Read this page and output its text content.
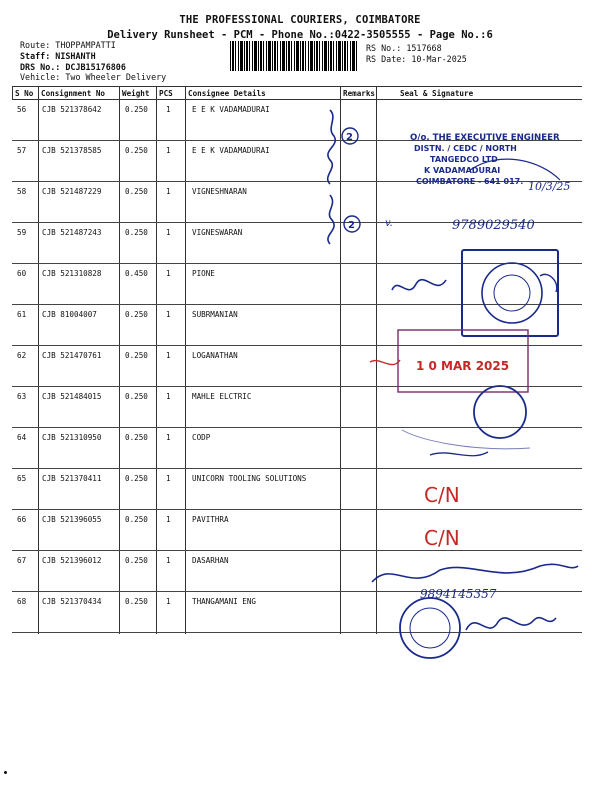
THE PROFESSIONAL COURIERS, COIMBATORE
Delivery Runsheet - PCM - Phone No.:0422-3505555 - Page No.:6
Route: THOPPAMPATTI
Staff: NISHANTH
DRS No.: DCJB15176806
Vehicle: Two Wheeler Delivery
RS No.: 1517668
RS Date: 10-Mar-2025
S No Consignment No Weight PCS Consignee Details	Remarks	Seal & Signature
56 CJB 521378642	0.250 1	E E K VADAMADURAI
57 CJB 521378585	0.250 1	E E K VADAMADURAI
58 CJB 521487229	0.250 1	VIGNESHNARAN
59 CJB 521487243	0.250 1	VIGNESWARAN
60 CJB 521310828	0.450 1	PIONE
61 CJB 81004007	0.250 1	SUBRMANIAN
62 CJB 521470761	0.250 1	LOGANATHAN
63 CJB 521484015	0.250 1	MAHLE ELCTRIC
64 CJB 521310950	0.250 1	CODP
65 CJB 521370411	0.250 1	UNICORN TOOLING SOLUTIONS
66 CJB 521396055	0.250 1	PAVITHRA
67 CJB 521396012	0.250 1	DASARHAN
68 CJB 521370434	0.250 1	THANGAMANI ENG
2
2
O/o. THE EXECUTIVE ENGINEER
DISTN. / CEDC / NORTH
TANGEDCO LTD
K VADAMADURAI
COIMBATORE - 641 017. 10/3/25
v.	9789029540
1 0 MAR 2025
C/N
C/N
9894145357
